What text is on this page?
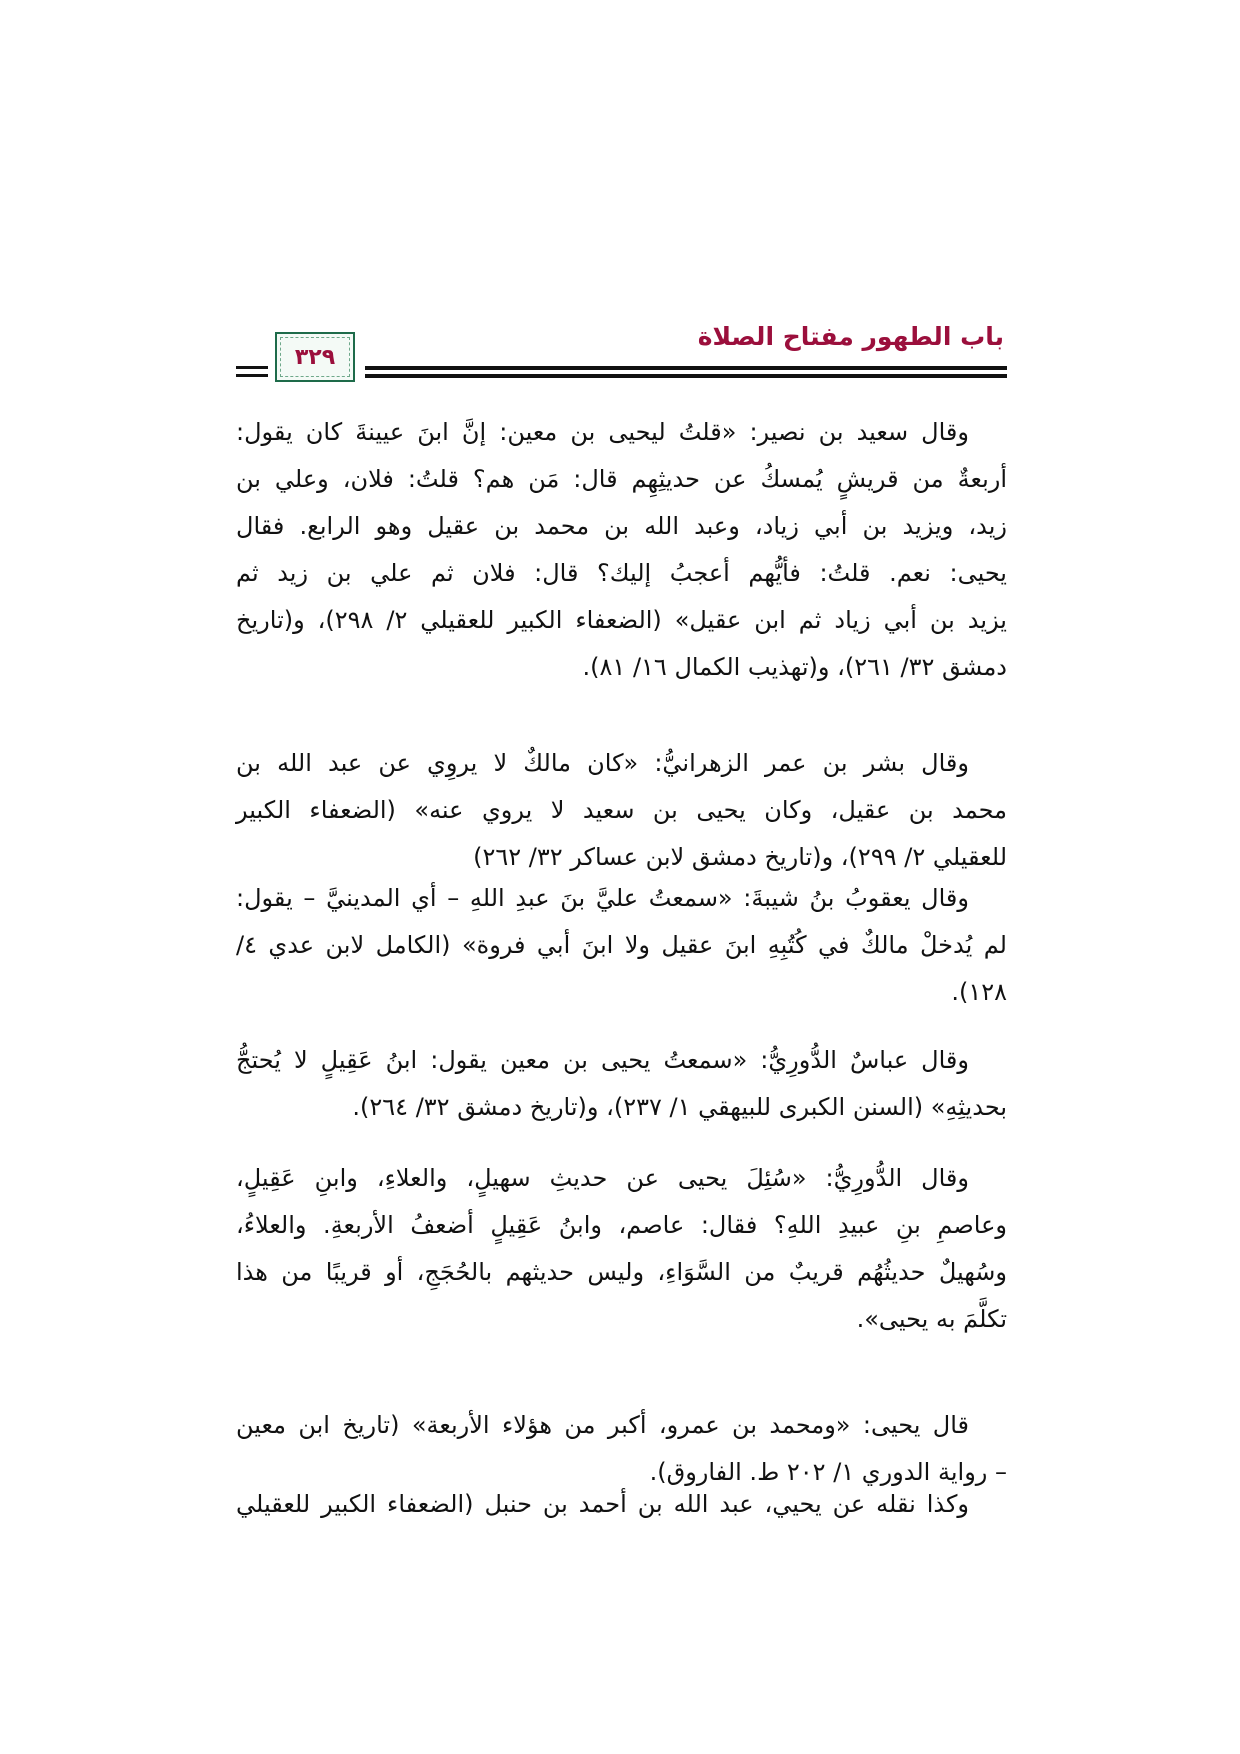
باب الطهور مفتاح الصلاة
٣٢٩
وقال سعيد بن نصير: «قلتُ ليحيى بن معين: إنَّ ابنَ عيينةَ كان يقول:
أربعةٌ من قريشٍ يُمسكُ عن حديثِهِم قال: مَن هم؟ قلتُ: فلان، وعلي بن
زيد، ويزيد بن أبي زياد، وعبد الله بن محمد بن عقيل وهو الرابع. فقال
يحيى: نعم. قلتُ: فأيُّهم أعجبُ إليك؟ قال: فلان ثم علي بن زيد ثم
يزيد بن أبي زياد ثم ابن عقيل» (الضعفاء الكبير للعقيلي ٢/ ٢٩٨)، و(تاريخ
دمشق ٣٢/ ٢٦١)، و(تهذيب الكمال ١٦/ ٨١).
وقال بشر بن عمر الزهرانيُّ: «كان مالكٌ لا يروِي عن عبد الله بن
محمد بن عقيل، وكان يحيى بن سعيد لا يروي عنه» (الضعفاء الكبير
للعقيلي ٢/ ٢٩٩)، و(تاريخ دمشق لابن عساكر ٣٢/ ٢٦٢)
وقال يعقوبُ بنُ شيبةَ: «سمعتُ عليَّ بنَ عبدِ اللهِ – أي المدينيَّ – يقول:
لم يُدخلْ مالكٌ في كُتُبِهِ ابنَ عقيل ولا ابنَ أبي فروة» (الكامل لابن عدي ٤/
١٢٨).
وقال عباسٌ الدُّورِيُّ: «سمعتُ يحيى بن معين يقول: ابنُ عَقِيلٍ لا يُحتجُّ
بحديثِهِ» (السنن الكبرى للبيهقي ١/ ٢٣٧)، و(تاريخ دمشق ٣٢/ ٢٦٤).
وقال الدُّورِيُّ: «سُئِلَ يحيى عن حديثِ سهيلٍ، والعلاءِ، وابنِ عَقِيلٍ،
وعاصمِ بنِ عبيدِ اللهِ؟ فقال: عاصم، وابنُ عَقِيلٍ أضعفُ الأربعةِ. والعلاءُ،
وسُهيلٌ حديثُهُم قريبٌ من السَّوَاءِ، وليس حديثهم بالحُجَجِ، أو قريبًا من هذا
تكلَّمَ به يحيى».
قال يحيى: «ومحمد بن عمرو، أكبر من هؤلاء الأربعة» (تاريخ ابن معين
– رواية الدوري ١/ ٢٠٢ ط. الفاروق).
وكذا نقله عن يحيي، عبد الله بن أحمد بن حنبل (الضعفاء الكبير للعقيلي
